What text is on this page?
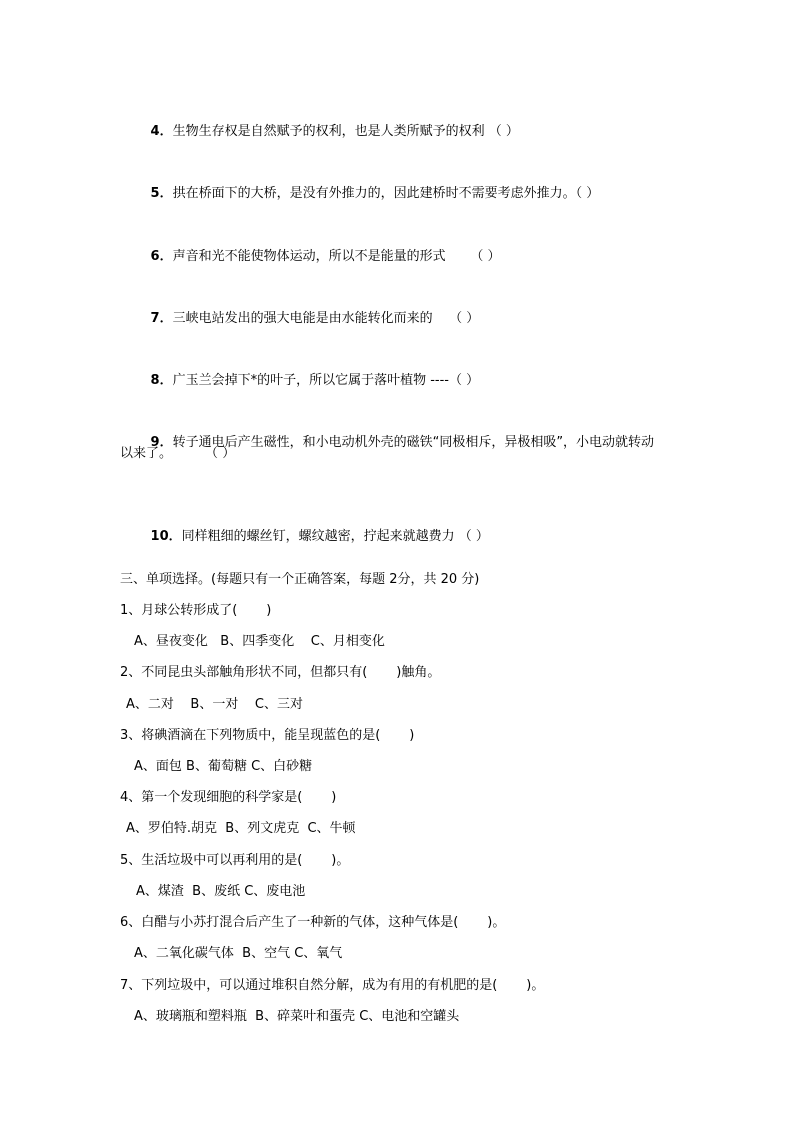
4．生物生存权是自然赋予的权利，也是人类所赋予的权利 （ ）

5．拱在桥面下的大桥，是没有外推力的，因此建桥时不需要考虑外推力。（ ）

6．声音和光不能使物体运动，所以不是能量的形式      （ ）

7．三峡电站发出的强大电能是由水能转化而来的    （ ）

8．广玉兰会掉下*的叶子，所以它属于落叶植物 ----（ ）

9．转子通电后产生磁性，和小电动机外壳的磁铁“同极相斥，异极相吸”，小电动就转动

以来了。        （ ）

10．同样粗细的螺丝钉，螺纹越密，拧起来就越费力 （ ）

三、单项选择。(每题只有一个正确答案，每题 2分，共 20 分)
1、月球公转形成了(       )
A、昼夜变化   B、四季变化    C、月相变化
2、不同昆虫头部触角形状不同，但都只有(       )触角。
A、二对    B、一对    C、三对
3、将碘酒滴在下列物质中，能呈现蓝色的是(       )
A、面包 B、葡萄糖 C、白砂糖
4、第一个发现细胞的科学家是(       )
A、罗伯特.胡克  B、列文虎克  C、牛顿
5、生活垃圾中可以再利用的是(       )。
A、煤渣  B、废纸 C、废电池
6、白醋与小苏打混合后产生了一种新的气体，这种气体是(       )。
A、二氧化碳气体  B、空气 C、氧气
7、下列垃圾中，可以通过堆积自然分解，成为有用的有机肥的是(       )。
A、玻璃瓶和塑料瓶  B、碎菜叶和蛋壳 C、电池和空罐头
